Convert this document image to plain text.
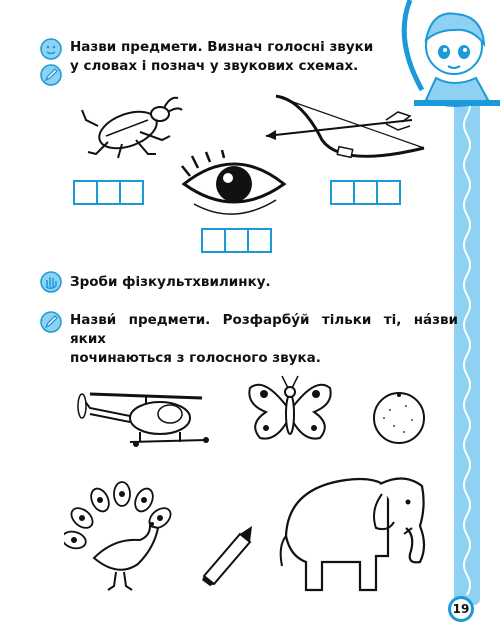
Назви предмети. Визнач голосні звуки
у словах і познач у звукових схемах.
Зроби фізкультхвилинку.
Назви́ предмети. Розфарбу́й тільки ті, на́зви яких
починаються з голосного звука.
19
